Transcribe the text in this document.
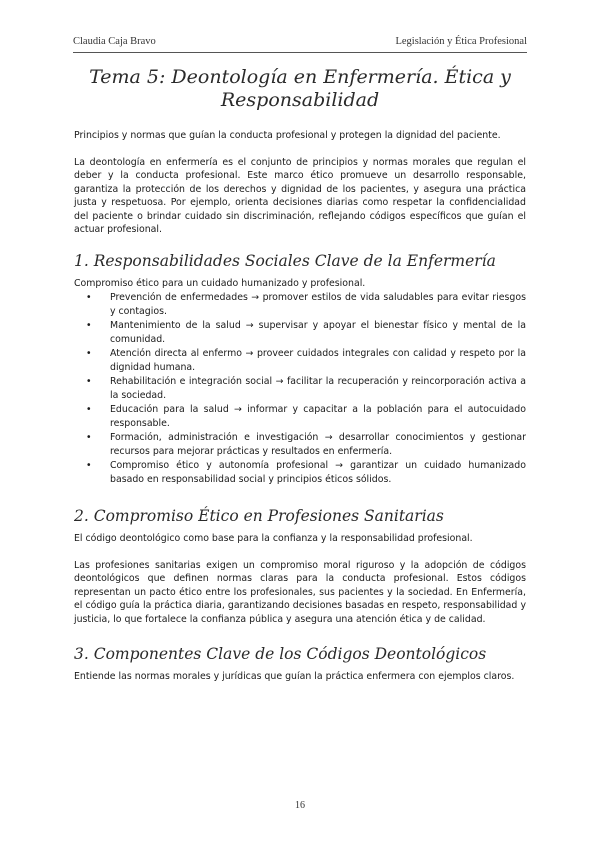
Claudia Caja Bravo	Legislación y Ética Profesional
Tema 5: Deontología en Enfermería. Ética y Responsabilidad

Principios y normas que guían la conducta profesional y protegen la dignidad del paciente.

La deontología en enfermería es el conjunto de principios y normas morales que regulan el deber y la conducta profesional. Este marco ético promueve un desarrollo responsable, garantiza la protección de los derechos y dignidad de los pacientes, y asegura una práctica justa y respetuosa. Por ejemplo, orienta decisiones diarias como respetar la confidencialidad del paciente o brindar cuidado sin discriminación, reflejando códigos específicos que guían el actuar profesional.

1. Responsabilidades Sociales Clave de la Enfermería

Compromiso ético para un cuidado humanizado y profesional.

• Prevención de enfermedades → promover estilos de vida saludables para evitar riesgos y contagios.
• Mantenimiento de la salud → supervisar y apoyar el bienestar físico y mental de la comunidad.
• Atención directa al enfermo → proveer cuidados integrales con calidad y respeto por la dignidad humana.
• Rehabilitación e integración social → facilitar la recuperación y reincorporación activa a la sociedad.
• Educación para la salud → informar y capacitar a la población para el autocuidado responsable.
• Formación, administración e investigación → desarrollar conocimientos y gestionar recursos para mejorar prácticas y resultados en enfermería.
• Compromiso ético y autonomía profesional → garantizar un cuidado humanizado basado en responsabilidad social y principios éticos sólidos.
2. Compromiso Ético en Profesiones Sanitarias

El código deontológico como base para la confianza y la responsabilidad profesional.

Las profesiones sanitarias exigen un compromiso moral riguroso y la adopción de códigos deontológicos que definen normas claras para la conducta profesional. Estos códigos representan un pacto ético entre los profesionales, sus pacientes y la sociedad. En Enfermería, el código guía la práctica diaria, garantizando decisiones basadas en respeto, responsabilidad y justicia, lo que fortalece la confianza pública y asegura una atención ética y de calidad.

3. Componentes Clave de los Códigos Deontológicos

Entiende las normas morales y jurídicas que guían la práctica enfermera con ejemplos claros.

16
